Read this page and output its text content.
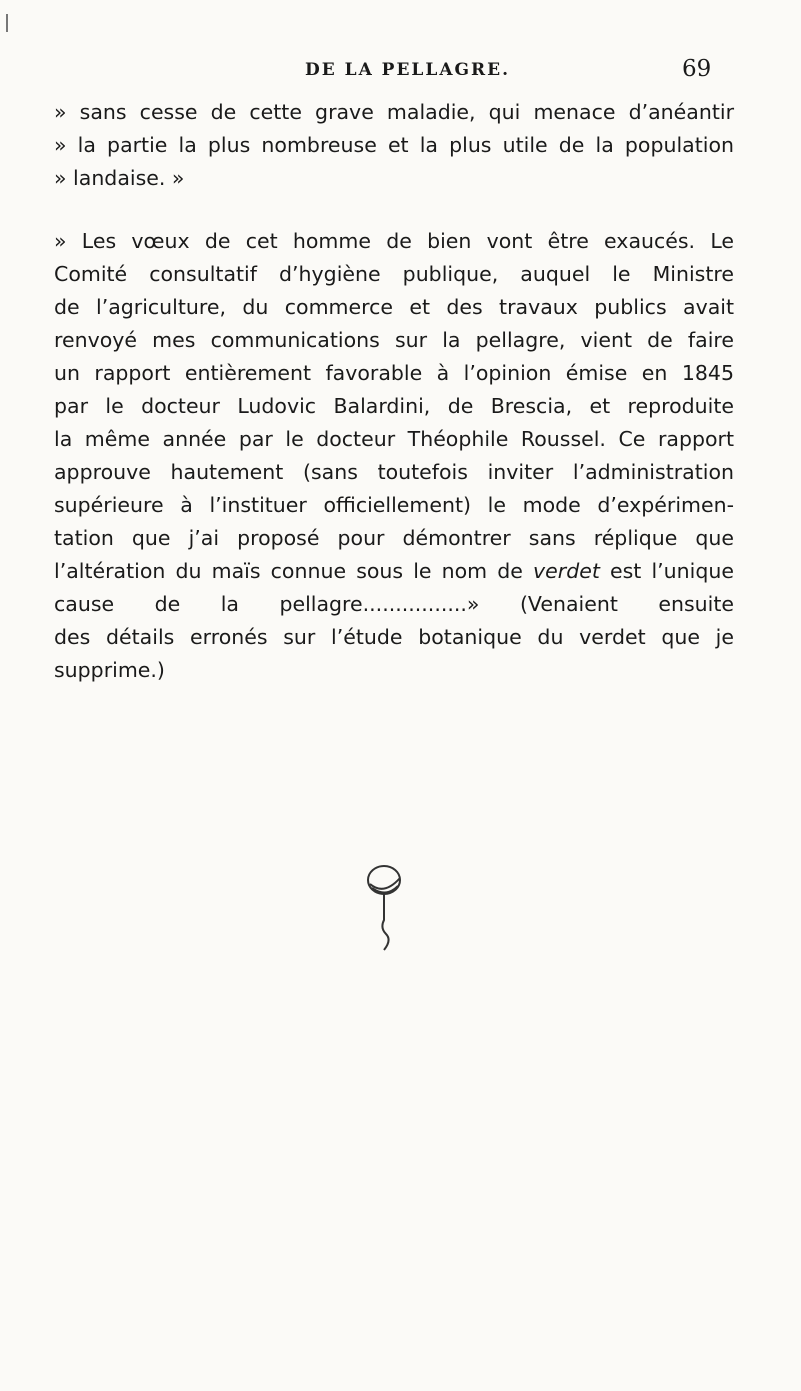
DE LA PELLAGRE.	69
» sans cesse de cette grave maladie, qui menace d’anéantir
» la partie la plus nombreuse et la plus utile de la population
» landaise. »
» Les vœux de cet homme de bien vont être exaucés. Le
Comité consultatif d’hygiène publique, auquel le Ministre
de l’agriculture, du commerce et des travaux publics avait
renvoyé mes communications sur la pellagre, vient de faire
un rapport entièrement favorable à l’opinion émise en 1845
par le docteur Ludovic Balardini, de Brescia, et reproduite
la même année par le docteur Théophile Roussel. Ce rapport
approuve hautement (sans toutefois inviter l’administration
supérieure à l’instituer officiellement) le mode d’expérimen-
tation que j’ai proposé pour démontrer sans réplique que
l’altération du maïs connue sous le nom de verdet est l’unique
cause de la pellagre................» (Venaient ensuite
des détails erronés sur l’étude botanique du verdet que je
supprime.)
